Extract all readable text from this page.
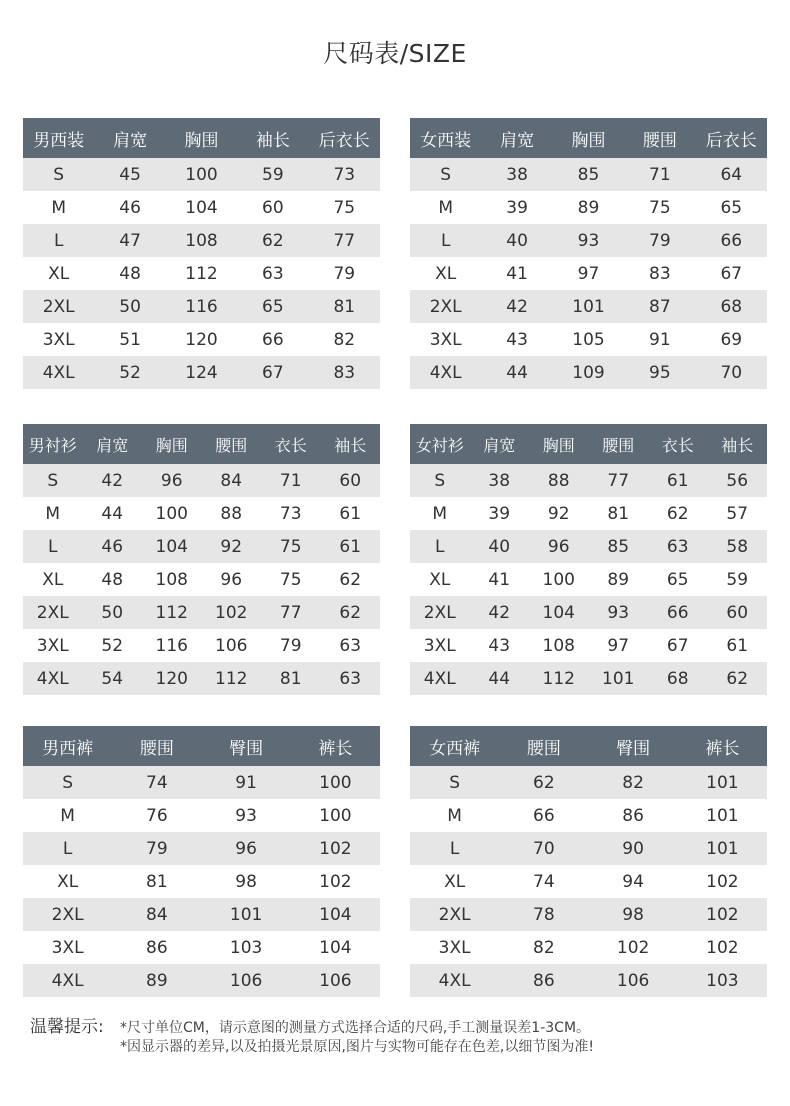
尺码表/SIZE
男西装	肩宽	胸围	袖长	后衣长
S	45	100	59	73
M	46	104	60	75
L	47	108	62	77
XL	48	112	63	79
2XL	50	116	65	81
3XL	51	120	66	82
4XL	52	124	67	83
女西装	肩宽	胸围	腰围	后衣长
S	38	85	71	64
M	39	89	75	65
L	40	93	79	66
XL	41	97	83	67
2XL	42	101	87	68
3XL	43	105	91	69
4XL	44	109	95	70
男衬衫	肩宽	胸围	腰围	衣长	袖长
S	42	96	84	71	60
M	44	100	88	73	61
L	46	104	92	75	61
XL	48	108	96	75	62
2XL	50	112	102	77	62
3XL	52	116	106	79	63
4XL	54	120	112	81	63
女衬衫	肩宽	胸围	腰围	衣长	袖长
S	38	88	77	61	56
M	39	92	81	62	57
L	40	96	85	63	58
XL	41	100	89	65	59
2XL	42	104	93	66	60
3XL	43	108	97	67	61
4XL	44	112	101	68	62
男西裤	腰围	臀围	裤长
S	74	91	100
M	76	93	100
L	79	96	102
XL	81	98	102
2XL	84	101	104
3XL	86	103	104
4XL	89	106	106
女西裤	腰围	臀围	裤长
S	62	82	101
M	66	86	101
L	70	90	101
XL	74	94	102
2XL	78	98	102
3XL	82	102	102
4XL	86	106	103
温馨提示:	*尺寸单位CM，请示意图的测量方式选择合适的尺码,手工测量误差1-3CM。
*因显示器的差异,以及拍摄光景原因,图片与实物可能存在色差,以细节图为准!
